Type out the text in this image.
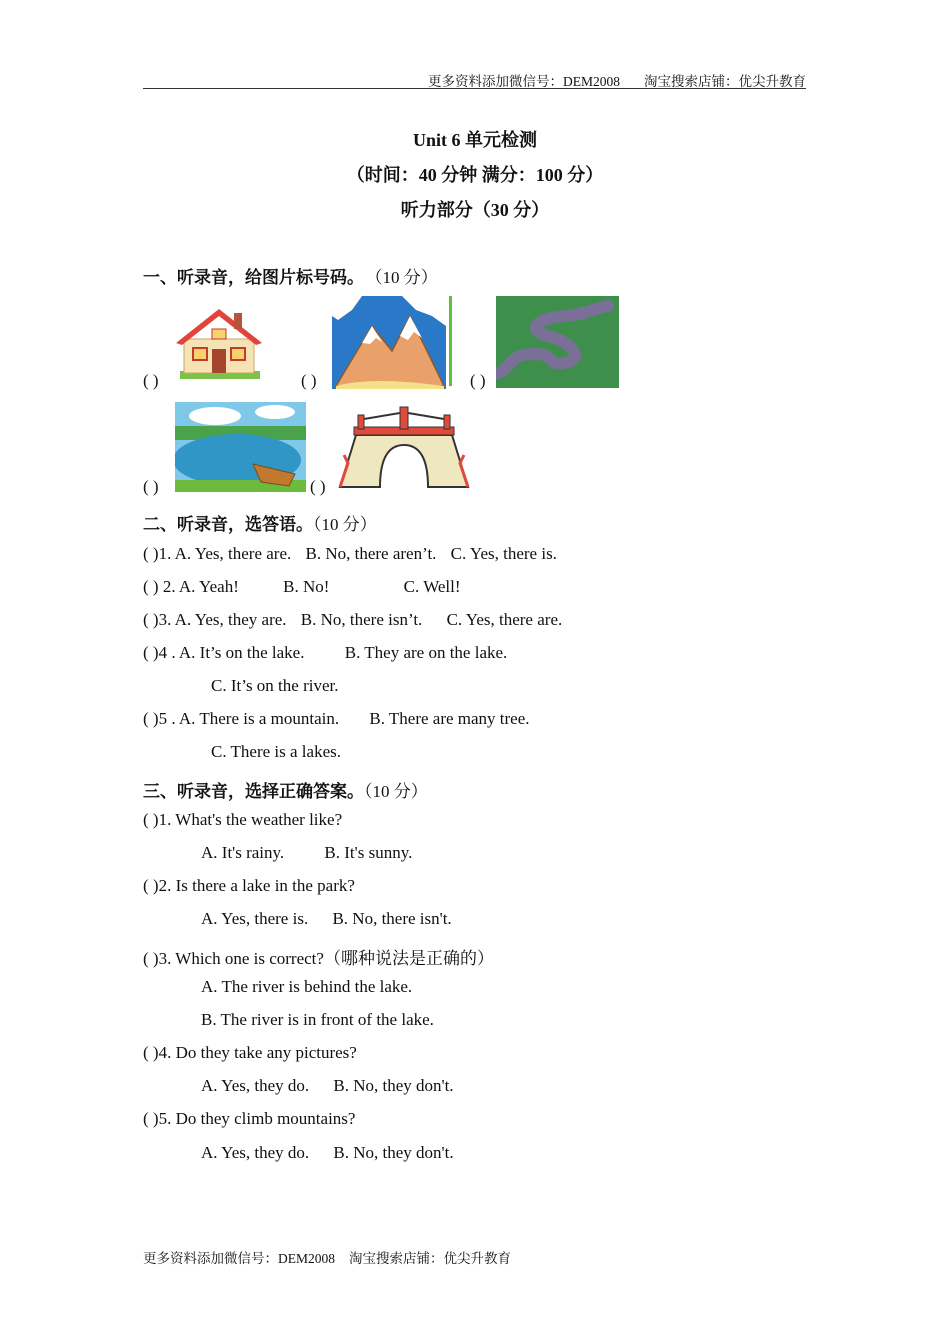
更多资料添加微信号：DEM2008 淘宝搜索店铺：优尖升教育
Unit 6 单元检测
（时间：40 分钟 满分：100 分）
听力部分（30 分）
一、听录音，给图片标号码。 （10 分）
( )	( )	( )
( )	( )
二、听录音，选答语。（10 分）
( )1. A. Yes, there are. B. No, there aren’t. C. Yes, there is.
( ) 2. A. Yeah!	B. No!	C. Well!
( )3. A. Yes, they are. B. No, there isn’t. C. Yes, there are.
( )4 . A. It’s on the lake. B. They are on the lake.
C. It’s on the river.
( )5 . A. There is a mountain. B. There are many tree.
C. There is a lakes.
三、听录音，选择正确答案。（10 分）
( )1. What's the weather like?
A. It's rainy. B. It's sunny.
( )2. Is there a lake in the park?
A. Yes, there is. B. No, there isn't.
( )3. Which one is correct?（哪种说法是正确的）
A. The river is behind the lake.
B. The river is in front of the lake.
( )4. Do they take any pictures?
A. Yes, they do. B. No, they don't.
( )5. Do they climb mountains?
A. Yes, they do. B. No, they don't.
更多资料添加微信号：DEM2008 淘宝搜索店铺：优尖升教育
